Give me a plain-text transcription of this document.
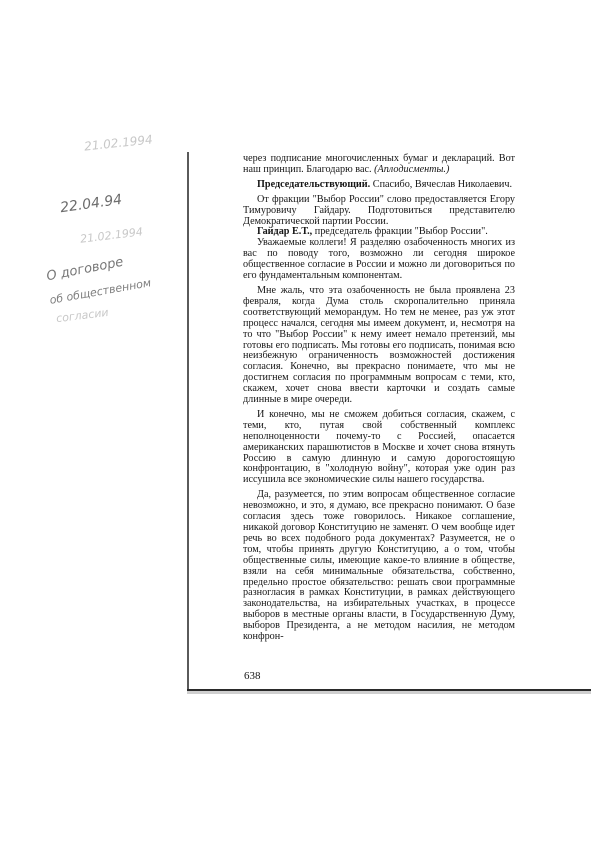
21.02.1994
22.04.94
21.02.1994
О договоре
об общественном
согласии

через подписание многочисленных бумаг и деклараций. Вот наш принцип. Благодарю вас. (Аплодисменты.)

Председательствующий. Спасибо, Вячеслав Николаевич.

От фракции "Выбор России" слово предоставляется Егору Тимуровичу Гайдару. Подготовиться представителю Демократической партии России.

Гайдар Е.Т., председатель фракции "Выбор России".

Уважаемые коллеги! Я разделяю озабоченность многих из вас по поводу того, возможно ли сегодня широкое общественное согласие в России и можно ли договориться по его фундаментальным компонентам.

Мне жаль, что эта озабоченность не была проявлена 23 февраля, когда Дума столь скоропалительно приняла соответствующий меморандум. Но тем не менее, раз уж этот процесс начался, сегодня мы имеем документ, и, несмотря на то что "Выбор России" к нему имеет немало претензий, мы готовы его подписать. Мы готовы его подписать, понимая всю неизбежную ограниченность возможностей достижения согласия. Конечно, вы прекрасно понимаете, что мы не достигнем согласия по программным вопросам с теми, кто, скажем, хочет снова ввести карточки и создать самые длинные в мире очереди.

И конечно, мы не сможем добиться согласия, скажем, с теми, кто, путая свой собственный комплекс неполноценности почему-то с Россией, опасается американских парашютистов в Москве и хочет снова втянуть Россию в самую длинную и самую дорогостоящую конфронтацию, в "холодную войну", которая уже один раз иссушила все экономические силы нашего государства.

Да, разумеется, по этим вопросам общественное согласие невозможно, и это, я думаю, все прекрасно понимают. О базе согласия здесь тоже говорилось. Никакое соглашение, никакой договор Конституцию не заменят. О чем вообще идет речь во всех подобного рода документах? Разумеется, не о том, чтобы принять другую Конституцию, а о том, чтобы общественные силы, имеющие какое-то влияние в обществе, взяли на себя минимальные обязательства, собственно, предельно простое обязательство: решать свои программные разногласия в рамках Конституции, в рамках действующего законодательства, на избирательных участках, в процессе выборов в местные органы власти, в Государственную Думу, выборов Президента, а не методом насилия, не методом конфрон-

638
